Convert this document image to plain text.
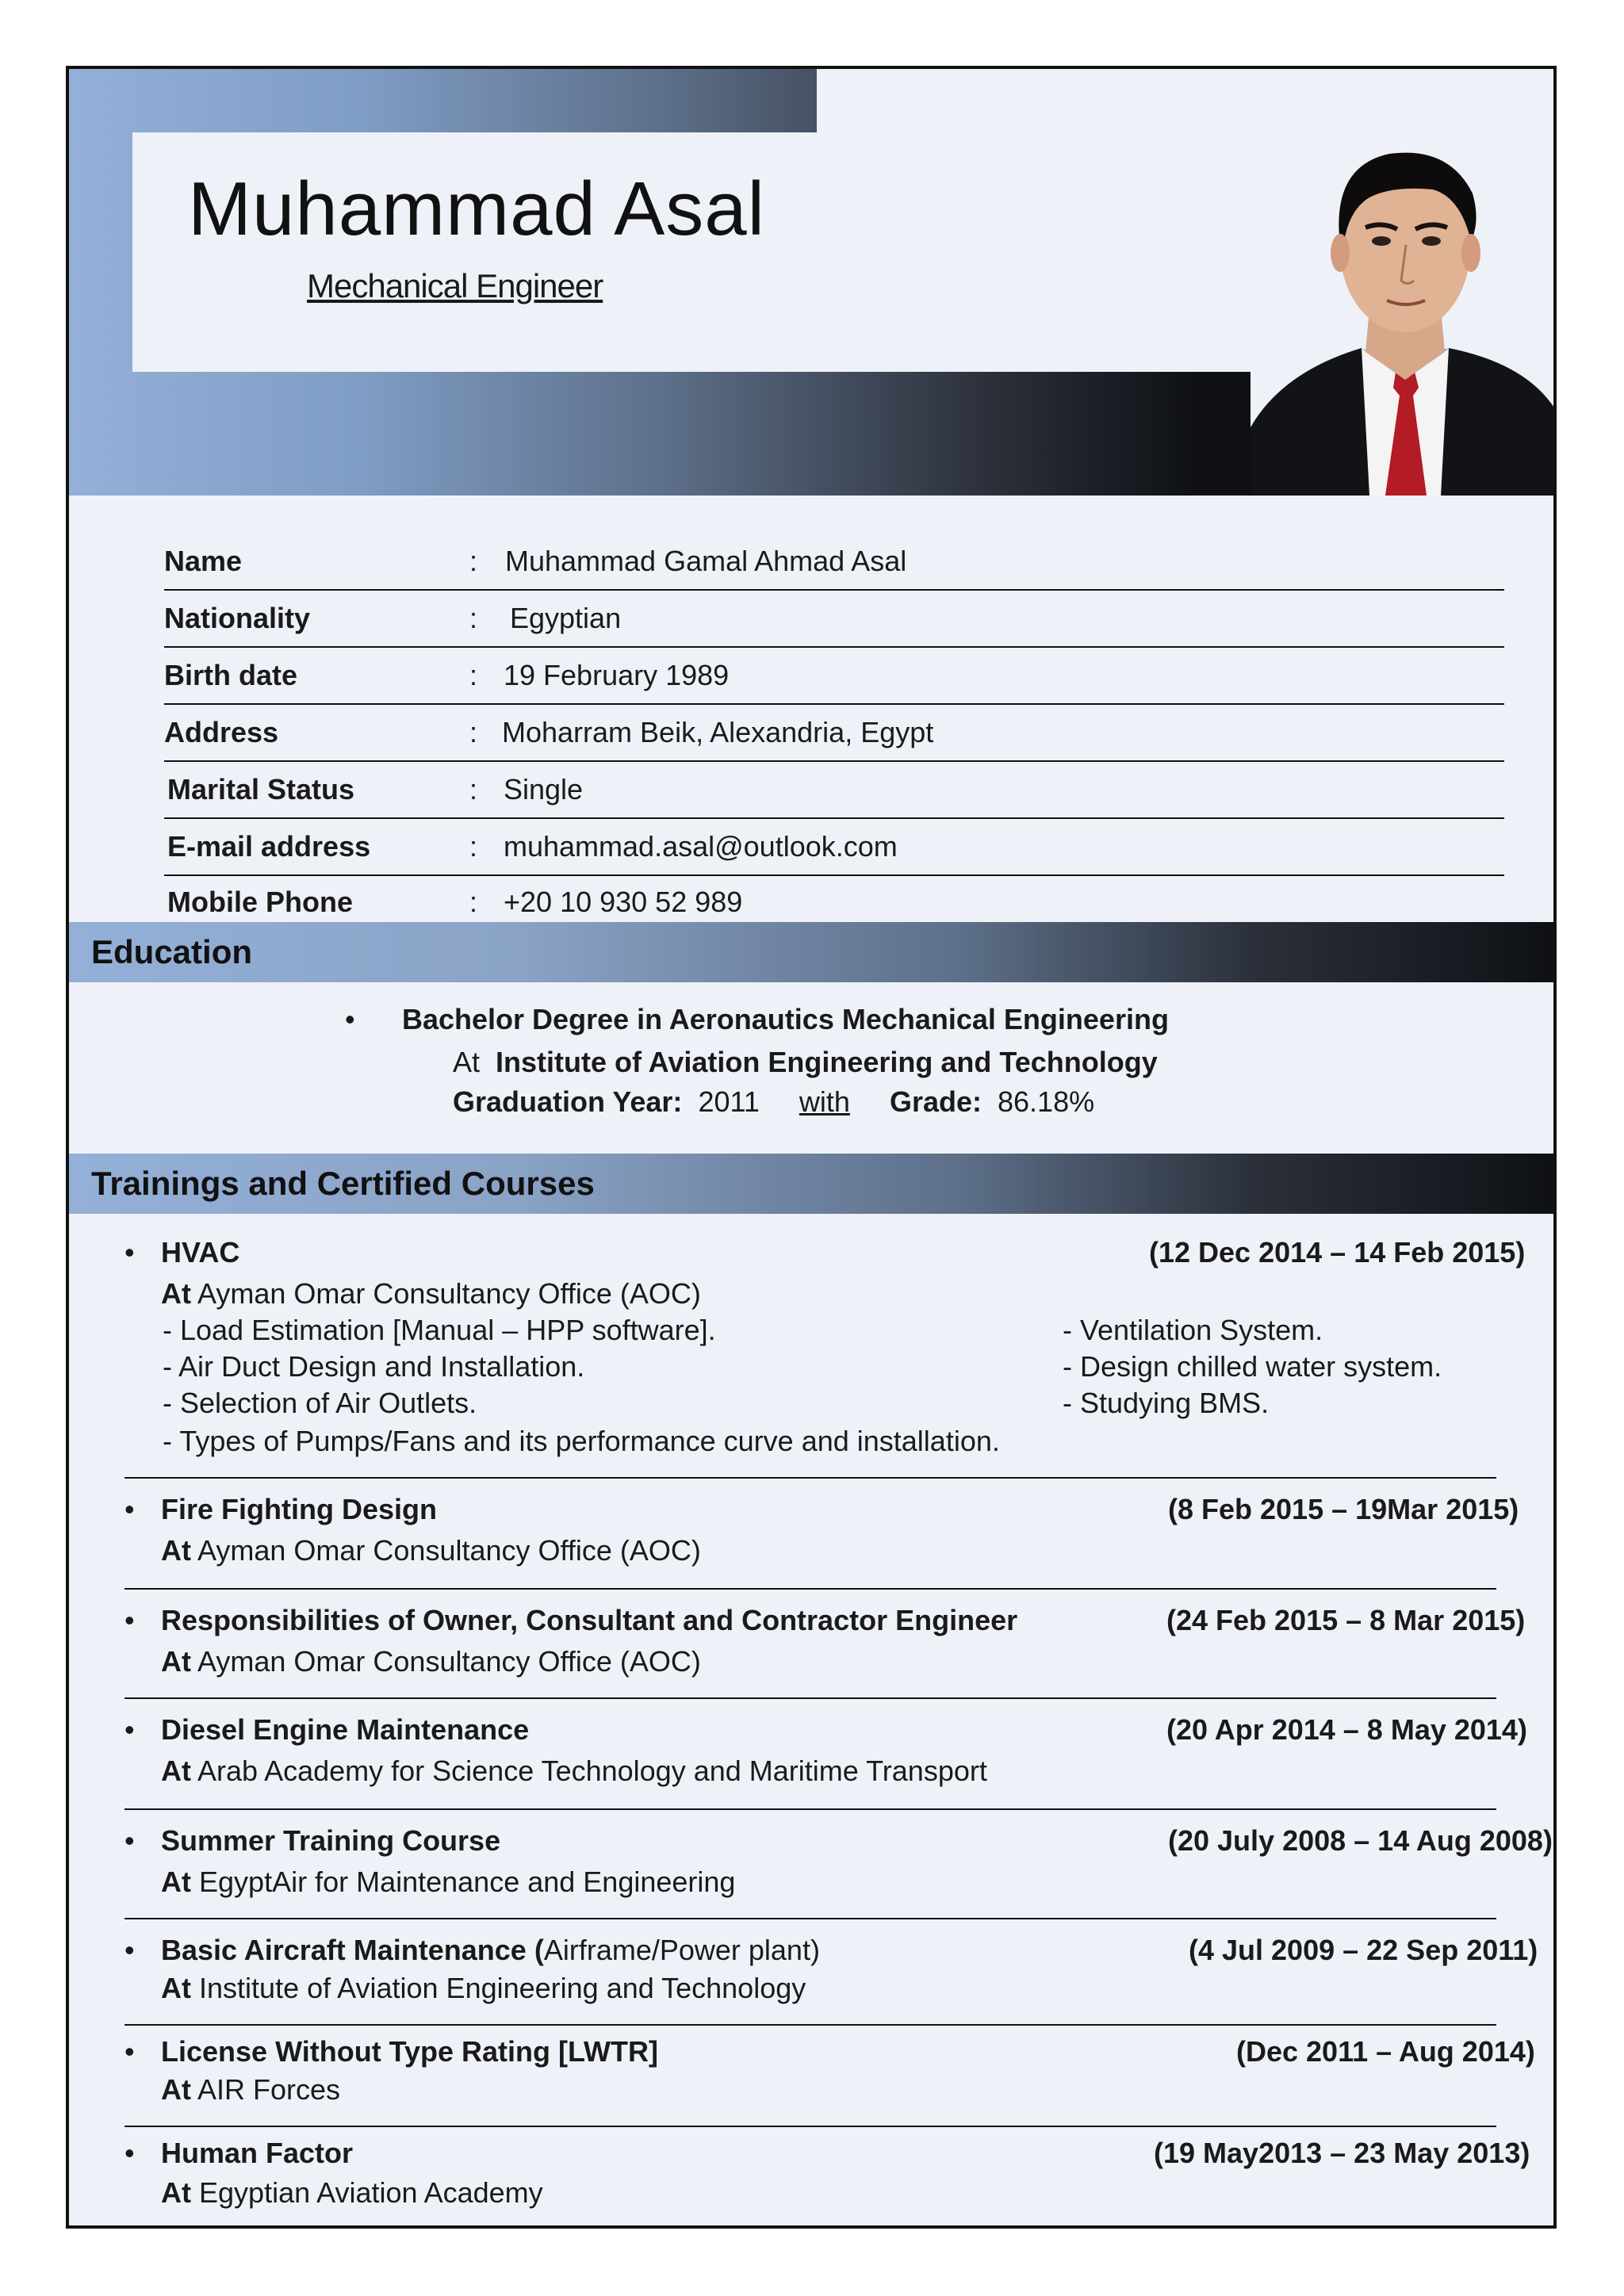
Muhammad Asal
Mechanical Engineer
Name	: Muhammad Gamal Ahmad Asal
Nationality	: Egyptian
Birth date	: 19 February 1989
Address	: Moharram Beik, Alexandria, Egypt
Marital Status	: Single
E-mail address	: muhammad.asal@outlook.com
Mobile Phone	: +20 10 930 52 989
Education
• Bachelor Degree in Aeronautics Mechanical Engineering
At Institute of Aviation Engineering and Technology
Graduation Year: 2011 with Grade: 86.18%
Trainings and Certified Courses
• HVAC	(12 Dec 2014 – 14 Feb 2015)
At Ayman Omar Consultancy Office (AOC)
- Load Estimation [Manual – HPP software].
- Air Duct Design and Installation.
- Selection of Air Outlets.
- Types of Pumps/Fans and its performance curve and installation.
- Ventilation System.
- Design chilled water system.
- Studying BMS.
• Fire Fighting Design	(8 Feb 2015 – 19Mar 2015)
At Ayman Omar Consultancy Office (AOC)
• Responsibilities of Owner, Consultant and Contractor Engineer	(24 Feb 2015 – 8 Mar 2015)
At Ayman Omar Consultancy Office (AOC)
• Diesel Engine Maintenance	(20 Apr 2014 – 8 May 2014)
At Arab Academy for Science Technology and Maritime Transport
• Summer Training Course	(20 July 2008 – 14 Aug 2008)
At EgyptAir for Maintenance and Engineering
• Basic Aircraft Maintenance (Airframe/Power plant)	(4 Jul 2009 – 22 Sep 2011)
At Institute of Aviation Engineering and Technology
• License Without Type Rating [LWTR]	(Dec 2011 – Aug 2014)
At AIR Forces
• Human Factor	(19 May2013 – 23 May 2013)
At Egyptian Aviation Academy
